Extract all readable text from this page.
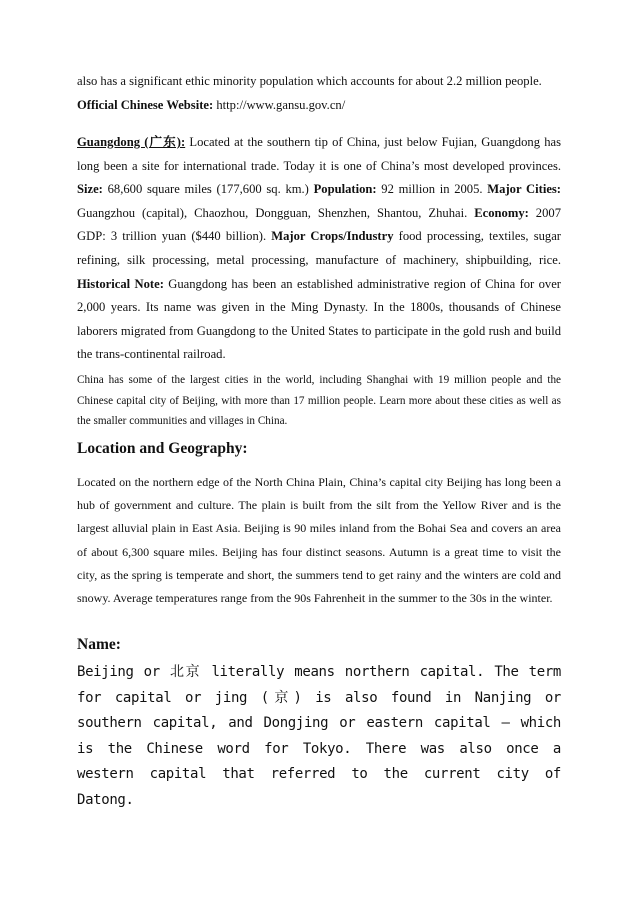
also has a significant ethic minority population which accounts for about 2.2 million people.
Official Chinese Website: http://www.gansu.gov.cn/
Guangdong (广东): Located at the southern tip of China, just below Fujian, Guangdong has long been a site for international trade. Today it is one of China’s most developed provinces. Size: 68,600 square miles (177,600 sq. km.) Population: 92 million in 2005. Major Cities: Guangzhou (capital), Chaozhou, Dongguan, Shenzhen, Shantou, Zhuhai. Economy: 2007 GDP: 3 trillion yuan ($440 billion). Major Crops/Industry food processing, textiles, sugar refining, silk processing, metal processing, manufacture of machinery, shipbuilding, rice. Historical Note: Guangdong has been an established administrative region of China for over 2,000 years. Its name was given in the Ming Dynasty. In the 1800s, thousands of Chinese laborers migrated from Guangdong to the United States to participate in the gold rush and build the trans-continental railroad.
China has some of the largest cities in the world, including Shanghai with 19 million people and the Chinese capital city of Beijing, with more than 17 million people. Learn more about these cities as well as the smaller communities and villages in China.
Location and Geography:
Located on the northern edge of the North China Plain, China’s capital city Beijing has long been a hub of government and culture. The plain is built from the silt from the Yellow River and is the largest alluvial plain in East Asia. Beijing is 90 miles inland from the Bohai Sea and covers an area of about 6,300 square miles. Beijing has four distinct seasons. Autumn is a great time to visit the city, as the spring is temperate and short, the summers tend to get rainy and the winters are cold and snowy. Average temperatures range from the 90s Fahrenheit in the summer to the 30s in the winter.
Name:
Beijing or 北京 literally means northern capital. The term for capital or jing (京) is also found in Nanjing or southern capital, and Dongjing or eastern capital – which is the Chinese word for Tokyo. There was also once a western capital that referred to the current city of Datong.
